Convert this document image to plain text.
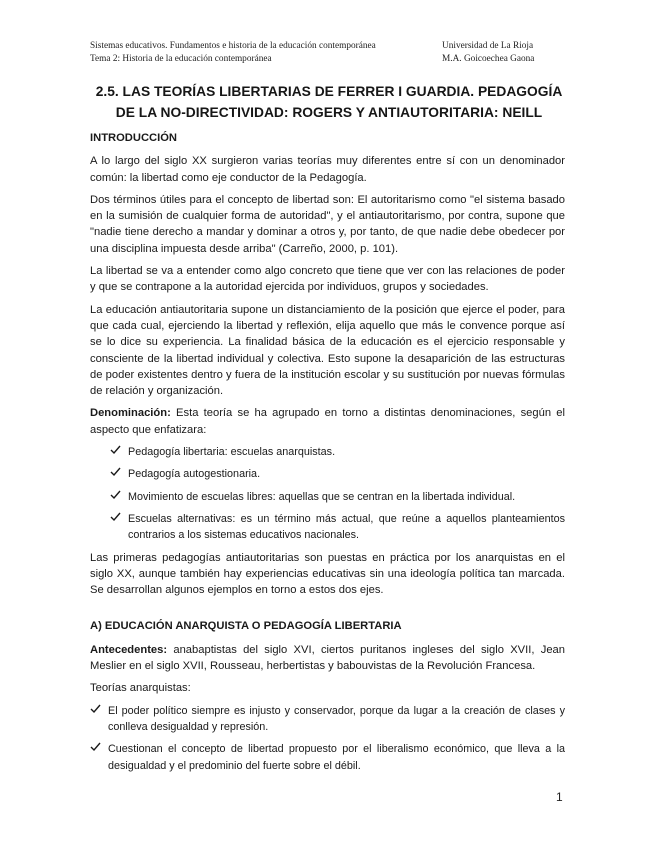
Sistemas educativos. Fundamentos e historia de la educación contemporánea	Universidad de La Rioja
Tema 2: Historia de la educación contemporánea	M.A. Goicoechea Gaona
2.5. LAS TEORÍAS LIBERTARIAS DE FERRER I GUARDIA. PEDAGOGÍA
DE LA NO-DIRECTIVIDAD: ROGERS Y ANTIAUTORITARIA: NEILL
INTRODUCCIÓN

A lo largo del siglo XX surgieron varias teorías muy diferentes entre sí con un denominador común: la libertad como eje conductor de la Pedagogía.

Dos términos útiles para el concepto de libertad son: El autoritarismo como "el sistema basado en la sumisión de cualquier forma de autoridad", y el antiautoritarismo, por contra, supone que "nadie tiene derecho a mandar y dominar a otros y, por tanto, de que nadie debe obedecer por una disciplina impuesta desde arriba" (Carreño, 2000, p. 101).

La libertad se va a entender como algo concreto que tiene que ver con las relaciones de poder y que se contrapone a la autoridad ejercida por individuos, grupos y sociedades.

La educación antiautoritaria supone un distanciamiento de la posición que ejerce el poder, para que cada cual, ejerciendo la libertad y reflexión, elija aquello que más le convence porque así se lo dice su experiencia. La finalidad básica de la educación es el ejercicio responsable y consciente de la libertad individual y colectiva. Esto supone la desaparición de las estructuras de poder existentes dentro y fuera de la institución escolar y su sustitución por nuevas fórmulas de relación y organización.

Denominación: Esta teoría se ha agrupado en torno a distintas denominaciones, según el aspecto que enfatizara:

Pedagogía libertaria: escuelas anarquistas.
Pedagogía autogestionaria.
Movimiento de escuelas libres: aquellas que se centran en la libertada individual.
Escuelas alternativas: es un término más actual, que reúne a aquellos planteamientos contrarios a los sistemas educativos nacionales.

Las primeras pedagogías antiautoritarias son puestas en práctica por los anarquistas en el siglo XX, aunque también hay experiencias educativas sin una ideología política tan marcada. Se desarrollan algunos ejemplos en torno a estos dos ejes.

A) EDUCACIÓN ANARQUISTA O PEDAGOGÍA LIBERTARIA

Antecedentes: anabaptistas del siglo XVI, ciertos puritanos ingleses del siglo XVII, Jean Meslier en el siglo XVII, Rousseau, herbertistas y babouvistas de la Revolución Francesa.

Teorías anarquistas:

El poder político siempre es injusto y conservador, porque da lugar a la creación de clases y conlleva desigualdad y represión.
Cuestionan el concepto de libertad propuesto por el liberalismo económico, que lleva a la desigualdad y el predominio del fuerte sobre el débil.
1
